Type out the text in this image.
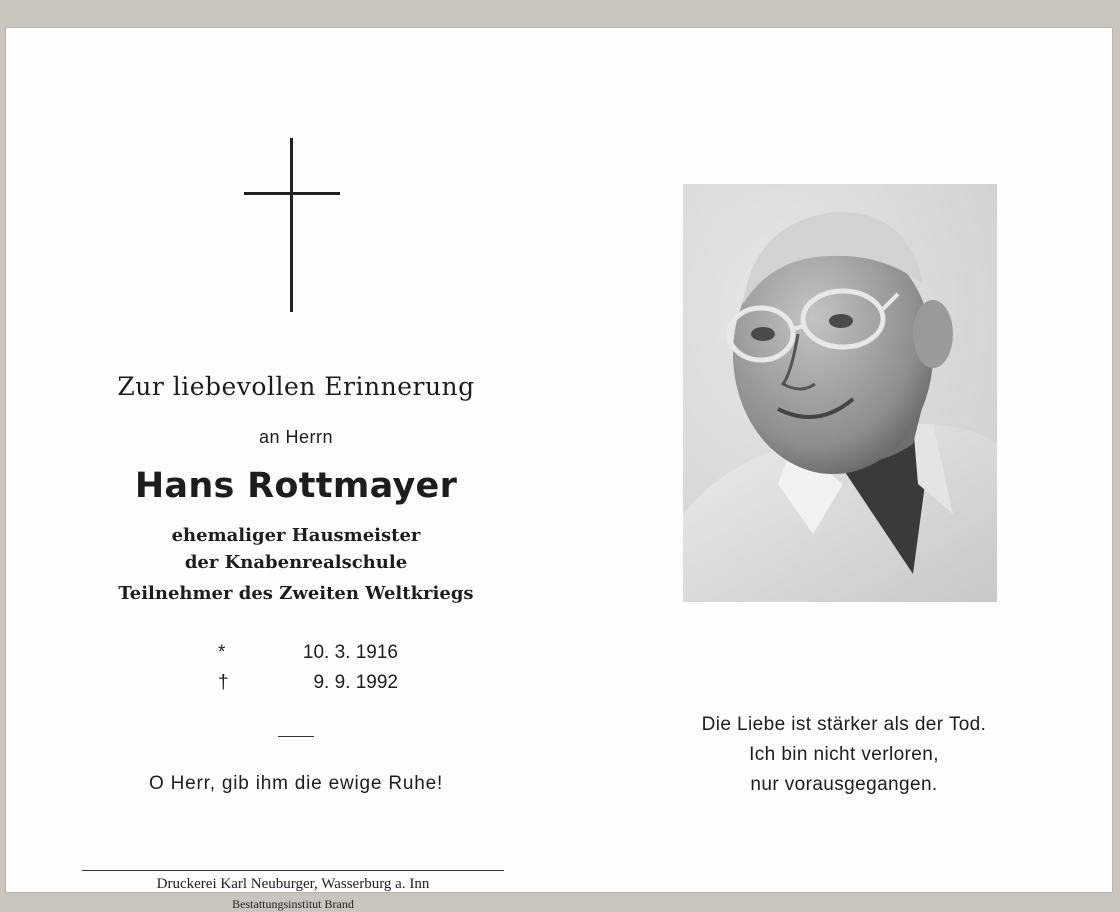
Zur liebevollen Erinnerung
an Herrn
Hans Rottmayer
ehemaliger Hausmeister
der Knabenrealschule
Teilnehmer des Zweiten Weltkriegs
*	10. 3. 1916
†	9. 9. 1992
O Herr, gib ihm die ewige Ruhe!
Druckerei Karl Neuburger, Wasserburg a. Inn
Bestattungsinstitut Brand
Die Liebe ist stärker als der Tod.
Ich bin nicht verloren,
nur vorausgegangen.
